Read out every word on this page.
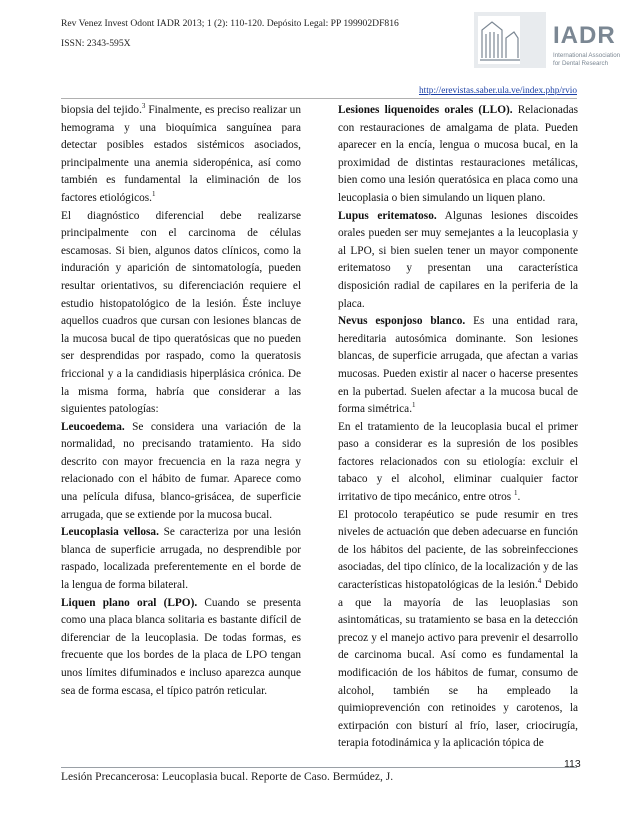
Rev Venez Invest Odont IADR 2013; 1 (2): 110-120. Depósito Legal: PP 199902DF816
ISSN: 2343-595X	IADR
International Association
for Dental Research
http://erevistas.saber.ula.ve/index.php/rvio

biopsia del tejido.$^3$ Finalmente, es preciso realizar un hemograma y una bioquímica sanguínea para detectar posibles estados sistémicos asociados, principalmente una anemia sideropénica, así como también es fundamental la eliminación de los factores etiológicos.$^1$

El diagnóstico diferencial debe realizarse principalmente con el carcinoma de células escamosas. Si bien, algunos datos clínicos, como la induración y aparición de sintomatología, pueden resultar orientativos, su diferenciación requiere el estudio histopatológico de la lesión. Éste incluye aquellos cuadros que cursan con lesiones blancas de la mucosa bucal de tipo queratósicas que no pueden ser desprendidas por raspado, como la queratosis friccional y a la candidiasis hiperplásica crónica. De la misma forma, habría que considerar a las siguientes patologías:

Leucoedema. Se considera una variación de la normalidad, no precisando tratamiento. Ha sido descrito con mayor frecuencia en la raza negra y relacionado con el hábito de fumar. Aparece como una película difusa, blanco-grisácea, de superficie arrugada, que se extiende por la mucosa bucal.

Leucoplasia vellosa. Se caracteriza por una lesión blanca de superficie arrugada, no desprendible por raspado, localizada preferentemente en el borde de la lengua de forma bilateral.

Liquen plano oral (LPO). Cuando se presenta como una placa blanca solitaria es bastante difícil de diferenciar de la leucoplasia. De todas formas, es frecuente que los bordes de la placa de LPO tengan unos límites difuminados e incluso aparezca aunque sea de forma escasa, el típico patrón reticular.

Lesiones liquenoides orales (LLO). Relacionadas con restauraciones de amalgama de plata. Pueden aparecer en la encía, lengua o mucosa bucal, en la proximidad de distintas restauraciones metálicas, bien como una lesión queratósica en placa como una leucoplasia o bien simulando un liquen plano.

Lupus eritematoso. Algunas lesiones discoides orales pueden ser muy semejantes a la leucoplasia y al LPO, si bien suelen tener un mayor componente eritematoso y presentan una característica disposición radial de capilares en la periferia de la placa.

Nevus esponjoso blanco. Es una entidad rara, hereditaria autosómica dominante. Son lesiones blancas, de superficie arrugada, que afectan a varias mucosas. Pueden existir al nacer o hacerse presentes en la pubertad. Suelen afectar a la mucosa bucal de forma simétrica.$^1$

En el tratamiento de la leucoplasia bucal el primer paso a considerar es la supresión de los posibles factores relacionados con su etiología: excluir el tabaco y el alcohol, eliminar cualquier factor irritativo de tipo mecánico, entre otros $^1$.

El protocolo terapéutico se pude resumir en tres niveles de actuación que deben adecuarse en función de los hábitos del paciente, de las sobreinfecciones asociadas, del tipo clínico, de la localización y de las características histopatológicas de la lesión.$^4$ Debido a que la mayoría de las leuoplasias son asintomáticas, su tratamiento se basa en la detección precoz y el manejo activo para prevenir el desarrollo de carcinoma bucal. Así como es fundamental la modificación de los hábitos de fumar, consumo de alcohol, también se ha empleado la quimioprevención con retinoides y carotenos, la extirpación con bisturí al frío, laser, criocirugía, terapia fotodinámica y la aplicación tópica de

113
Lesión Precancerosa: Leucoplasia bucal. Reporte de Caso. Bermúdez, J.
